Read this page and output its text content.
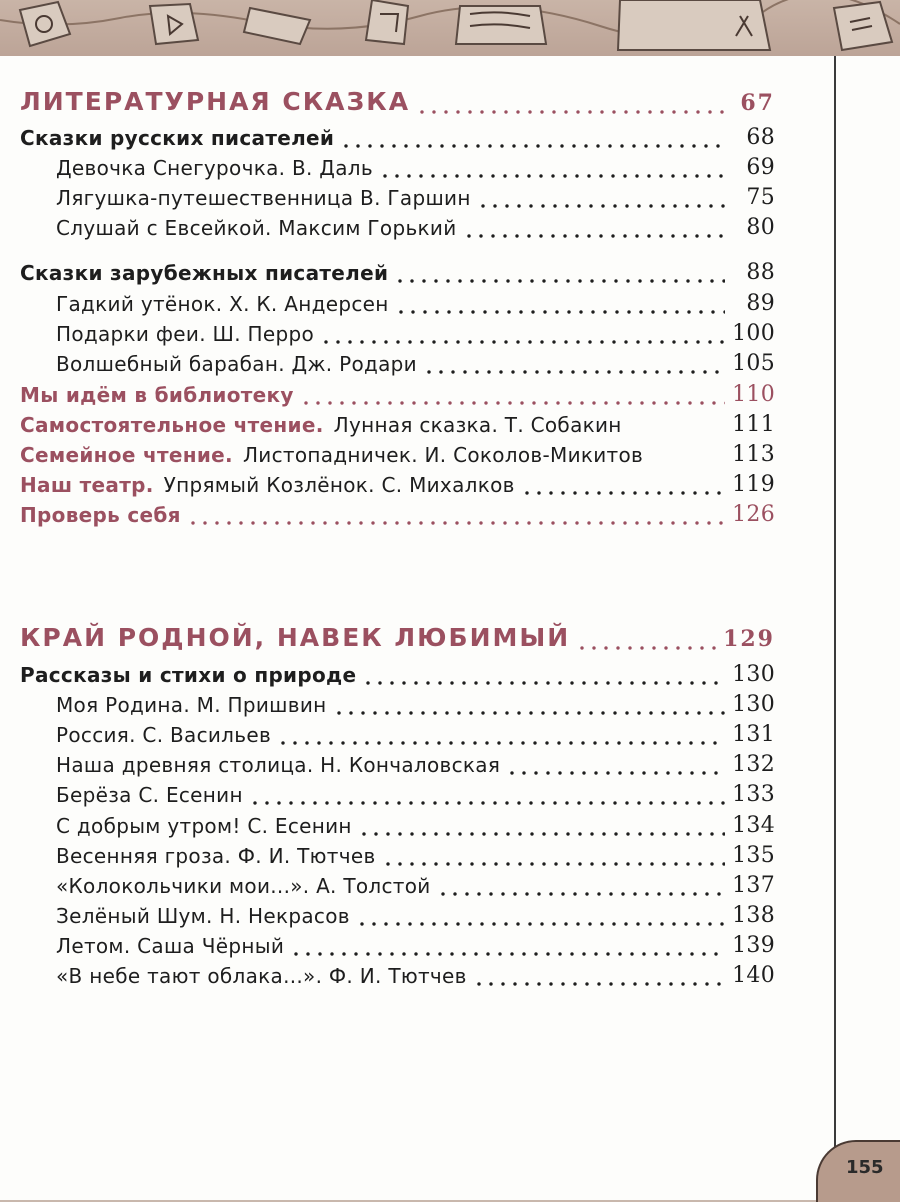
ЛИТЕРАТУРНАЯ СКАЗКА	67
Сказки русских писателей	68
Девочка Снегурочка. В. Даль	69
Лягушка-путешественница В. Гаршин	75
Слушай с Евсейкой. Максим Горький	80
Сказки зарубежных писателей	88
Гадкий утёнок. Х. К. Андерсен	89
Подарки феи. Ш. Перро	100
Волшебный барабан. Дж. Родари	105
Мы идём в библиотеку	110
Самостоятельное чтение. Лунная сказка. Т. Собакин	111
Семейное чтение. Листопадничек. И. Соколов-Микитов	113
Наш театр. Упрямый Козлёнок. С. Михалков	119
Проверь себя	126
КРАЙ РОДНОЙ, НАВЕК ЛЮБИМЫЙ	129
Рассказы и стихи о природе	130
Моя Родина. М. Пришвин	130
Россия. С. Васильев	131
Наша древняя столица. Н. Кончаловская	132
Берёза С. Есенин	133
С добрым утром! С. Есенин	134
Весенняя гроза. Ф. И. Тютчев	135
«Колокольчики мои...». А. Толстой	137
Зелёный Шум. Н. Некрасов	138
Летом. Саша Чёрный	139
«В небе тают облака...». Ф. И. Тютчев	140
155
